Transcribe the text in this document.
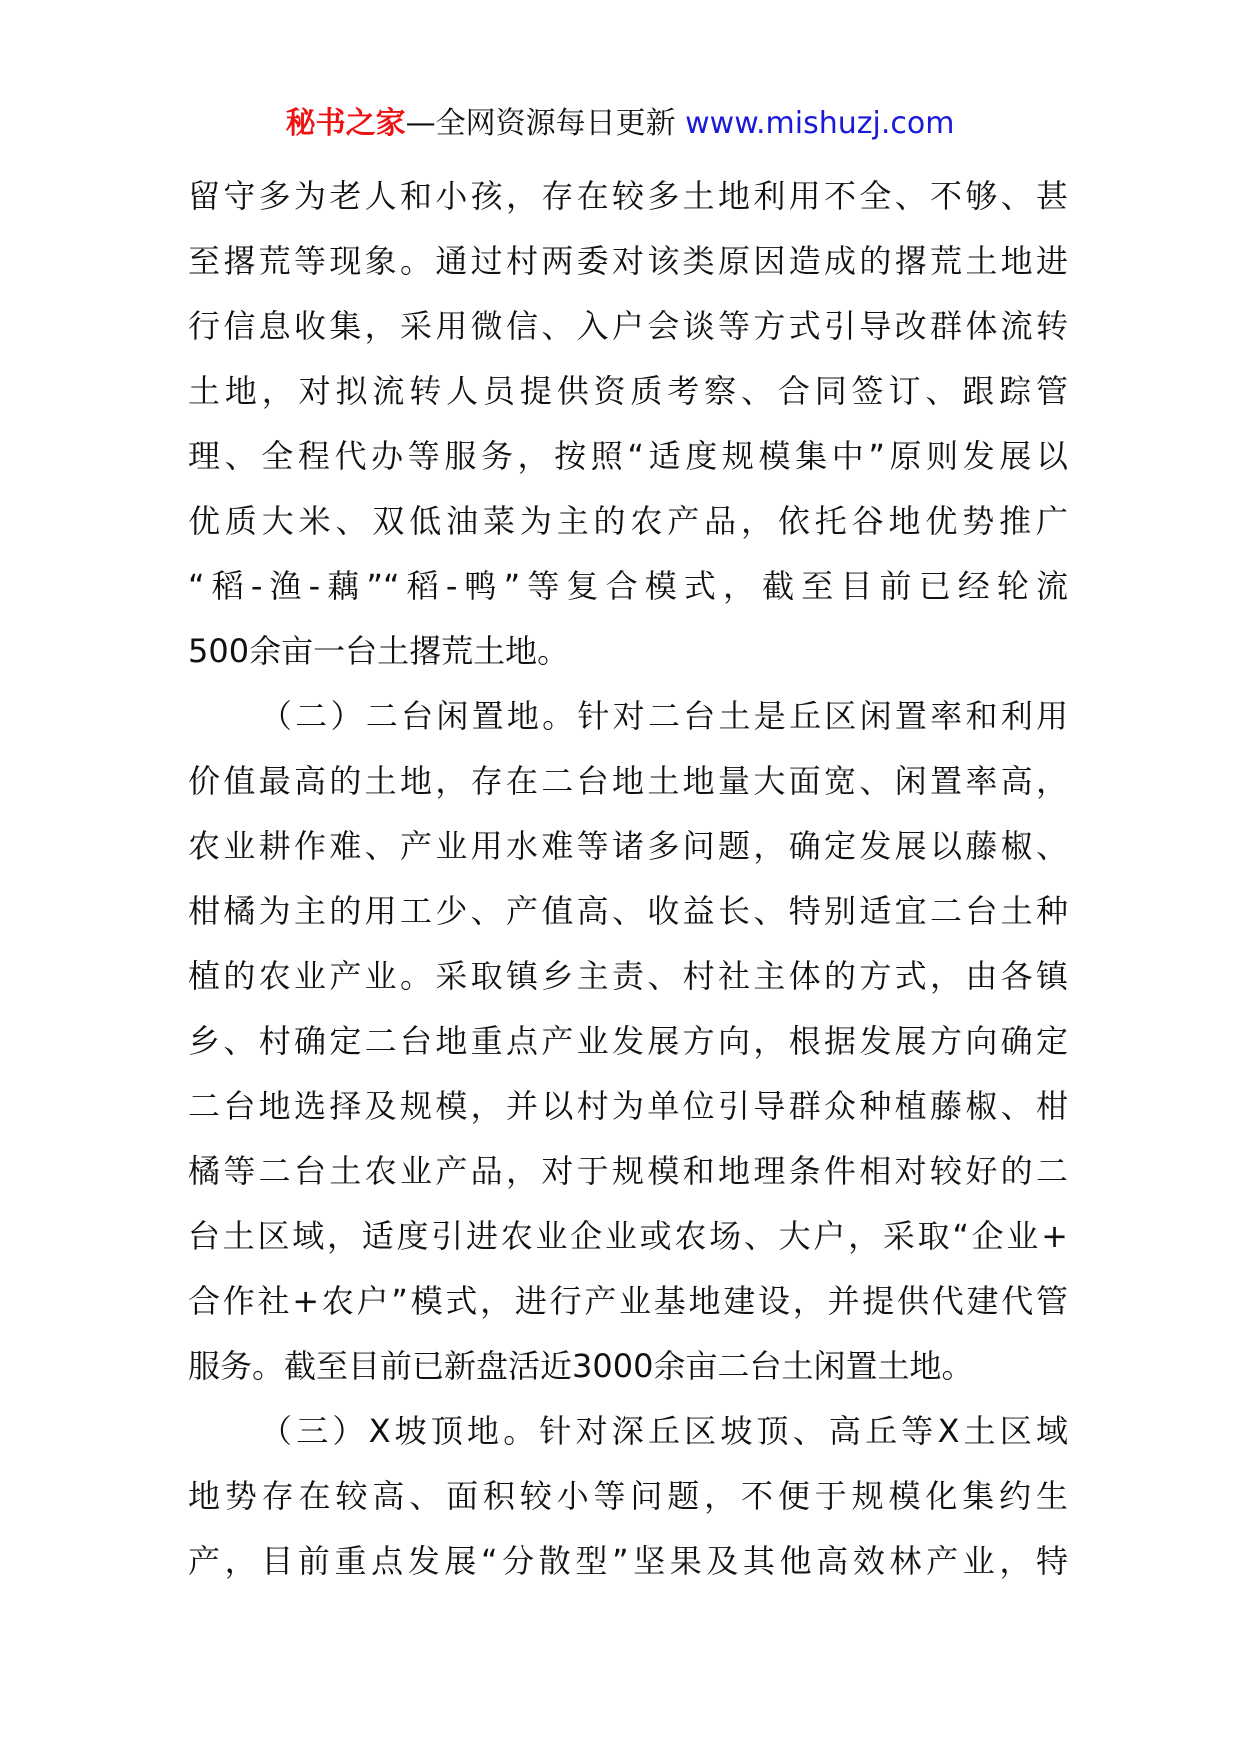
秘书之家—全网资源每日更新 www.mishuzj.com
留守多为老人和小孩，存在较多土地利用不全、不够、甚
至撂荒等现象。通过村两委对该类原因造成的撂荒土地进
行信息收集，采用微信、入户会谈等方式引导改群体流转
土地，对拟流转人员提供资质考察、合同签订、跟踪管
理、全程代办等服务，按照“适度规模集中”原则发展以
优质大米、双低油菜为主的农产品，依托谷地优势推广
“稻-渔-藕”“稻-鸭”等复合模式，截至目前已经轮流
500余亩一台土撂荒土地。
（二）二台闲置地。针对二台土是丘区闲置率和利用
价值最高的土地，存在二台地土地量大面宽、闲置率高，
农业耕作难、产业用水难等诸多问题，确定发展以藤椒、
柑橘为主的用工少、产值高、收益长、特别适宜二台土种
植的农业产业。采取镇乡主责、村社主体的方式，由各镇
乡、村确定二台地重点产业发展方向，根据发展方向确定
二台地选择及规模，并以村为单位引导群众种植藤椒、柑
橘等二台土农业产品，对于规模和地理条件相对较好的二
台土区域，适度引进农业企业或农场、大户，采取“企业+
合作社+农户”模式，进行产业基地建设，并提供代建代管
服务。截至目前已新盘活近3000余亩二台土闲置土地。
（三）X坡顶地。针对深丘区坡顶、高丘等X土区域
地势存在较高、面积较小等问题，不便于规模化集约生
产，目前重点发展“分散型”坚果及其他高效林产业，特
